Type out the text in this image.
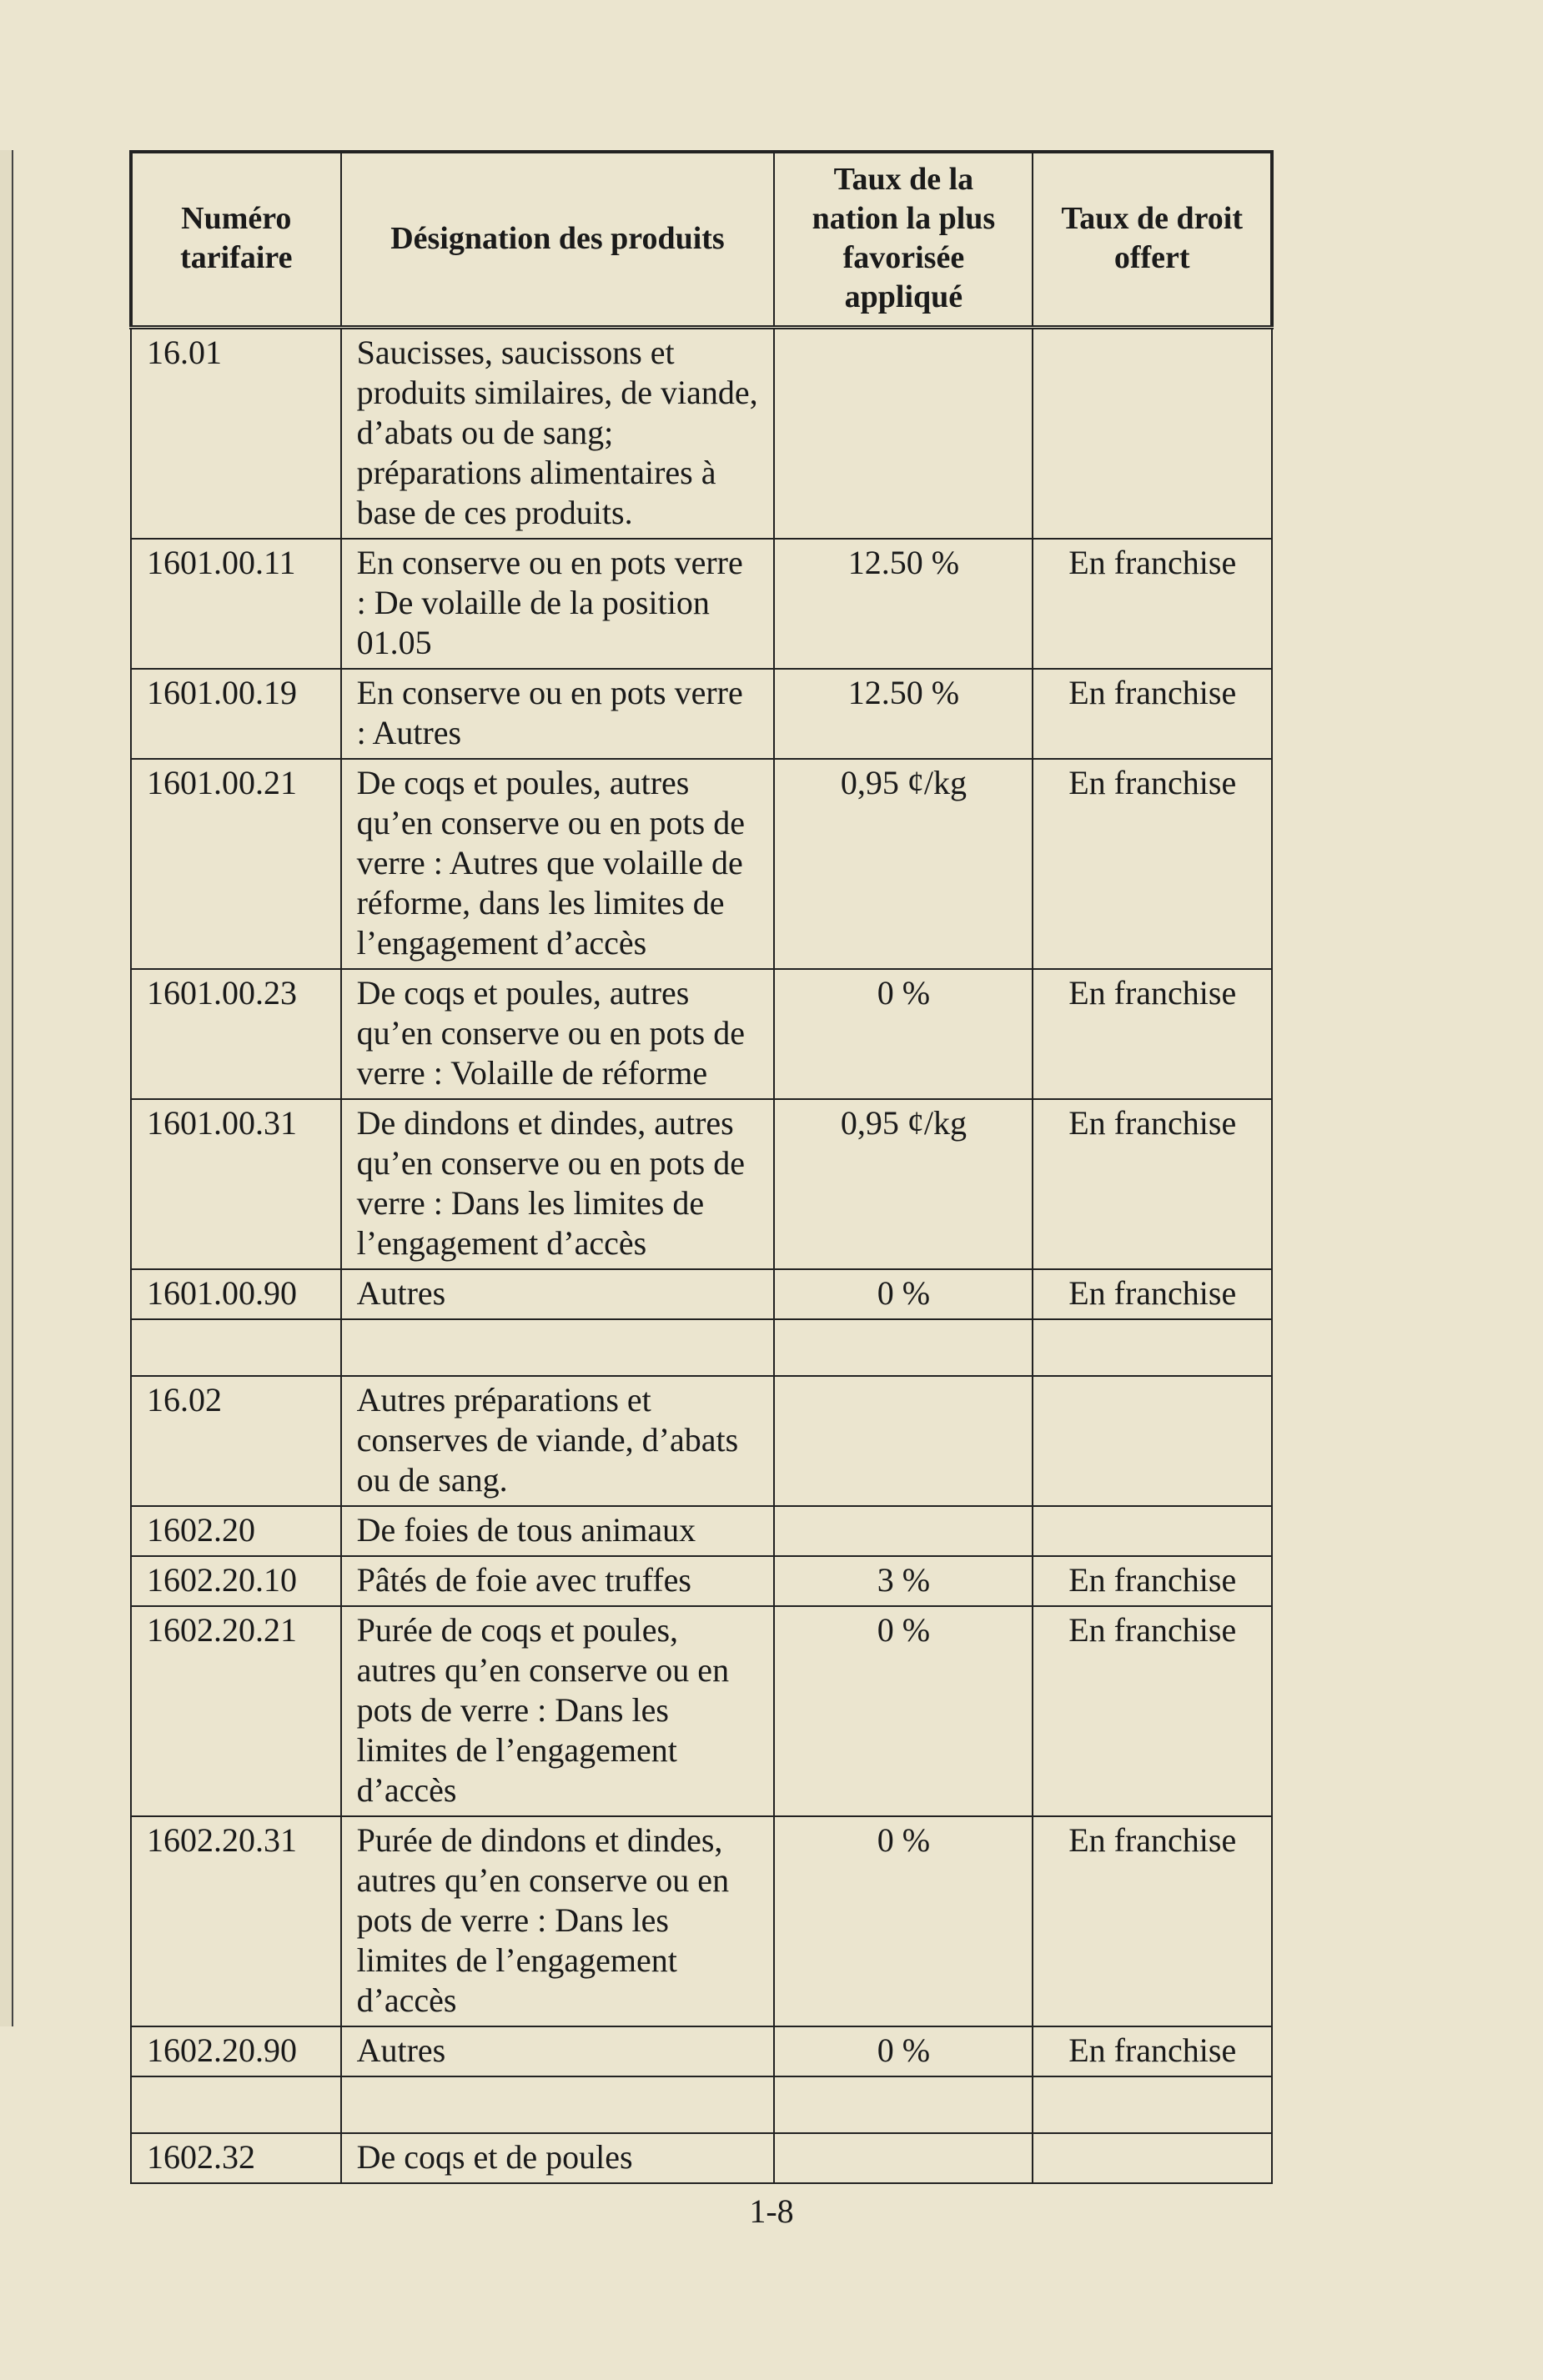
Numéro tarifaire	Désignation des produits	Taux de la nation la plus favorisée appliqué	Taux de droit offert
16.01	Saucisses, saucissons et produits similaires, de viande, d’abats ou de sang; préparations alimentaires à base de ces produits.		
1601.00.11	En conserve ou en pots verre : De volaille de la position 01.05	12.50 %	En franchise
1601.00.19	En conserve ou en pots verre : Autres	12.50 %	En franchise
1601.00.21	De coqs et poules, autres qu’en conserve ou en pots de verre : Autres que volaille de réforme, dans les limites de l’engagement d’accès	0,95 ¢/kg	En franchise
1601.00.23	De coqs et poules, autres qu’en conserve ou en pots de verre : Volaille de réforme	0 %	En franchise
1601.00.31	De dindons et dindes, autres qu’en conserve ou en pots de verre : Dans les limites de l’engagement d’accès	0,95 ¢/kg	En franchise
1601.00.90	Autres	0 %	En franchise

16.02	Autres préparations et conserves de viande, d’abats ou de sang.		
1602.20	De foies de tous animaux		
1602.20.10	Pâtés de foie avec truffes	3 %	En franchise
1602.20.21	Purée de coqs et poules, autres qu’en conserve ou en pots de verre : Dans les limites de l’engagement d’accès	0 %	En franchise
1602.20.31	Purée de dindons et dindes, autres qu’en conserve ou en pots de verre : Dans les limites de l’engagement d’accès	0 %	En franchise
1602.20.90	Autres	0 %	En franchise

1602.32	De coqs et de poules		
1-8
